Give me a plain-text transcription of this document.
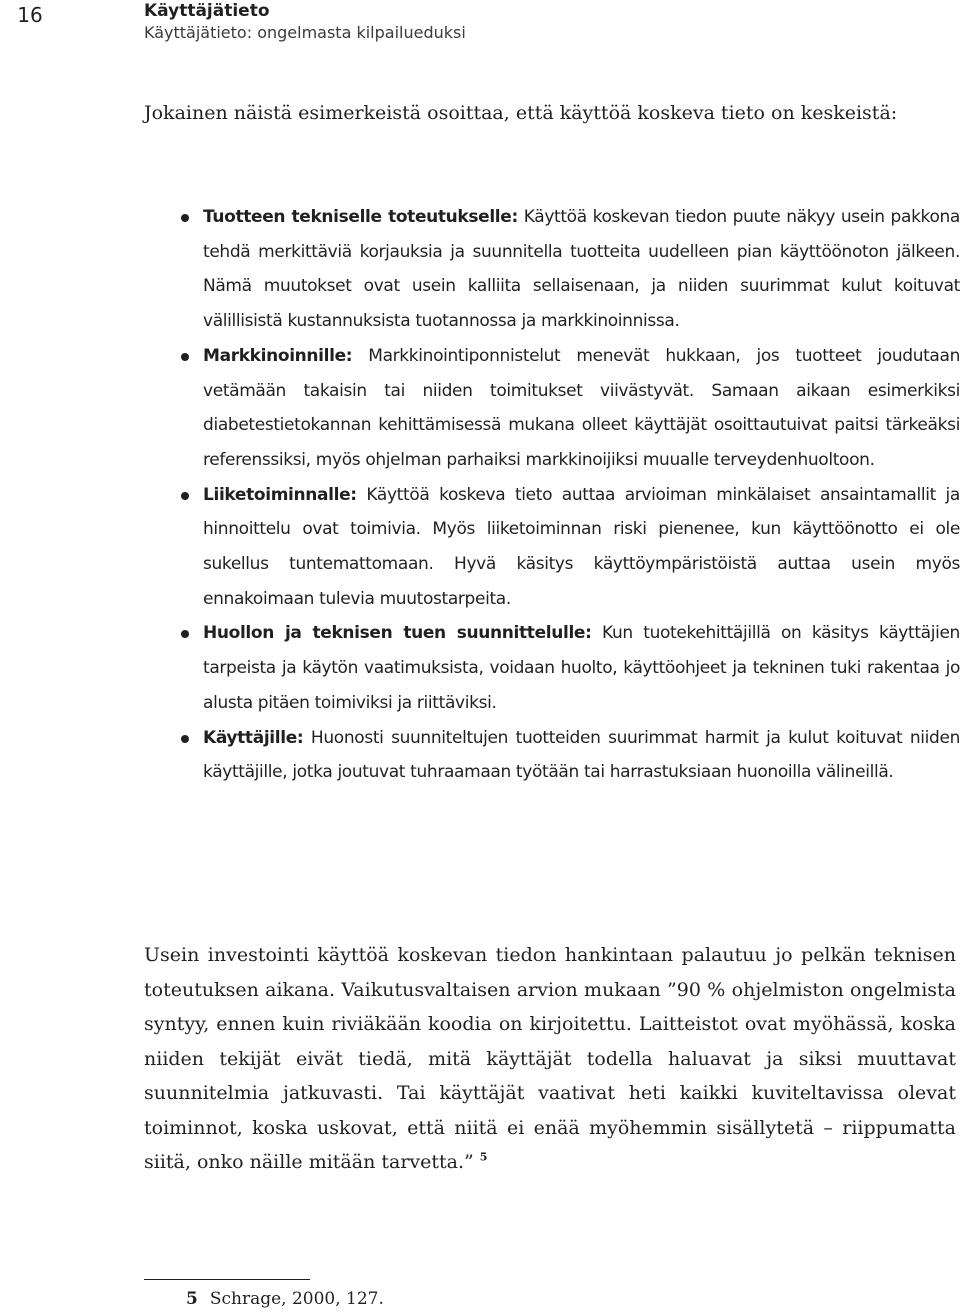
16	Käyttäjätieto
Käyttäjätieto: ongelmasta kilpailueduksi

Jokainen näistä esimerkeistä osoittaa, että käyttöä koskeva tieto on keskeistä:

Tuotteen tekniselle toteutukselle: Käyttöä koskevan tiedon puute näkyy usein pakkona tehdä merkittäviä korjauksia ja suunnitella tuotteita uudelleen pian käyttöönoton jälkeen. Nämä muutokset ovat usein kalliita sellaisenaan, ja niiden suurimmat kulut koituvat välillisistä kustannuksista tuotannossa ja markkinoinnissa.
Markkinoinnille: Markkinointiponnistelut menevät hukkaan, jos tuotteet joudutaan vetämään takaisin tai niiden toimitukset viivästyvät. Samaan aikaan esimerkiksi diabetestietokannan kehittämisessä mukana olleet käyttäjät osoittautuivat paitsi tärkeäksi referenssiksi, myös ohjelman parhaiksi markkinoijiksi muualle terveydenhuoltoon.
Liiketoiminnalle: Käyttöä koskeva tieto auttaa arvioiman minkälaiset ansaintamallit ja hinnoittelu ovat toimivia. Myös liiketoiminnan riski pienenee, kun käyttöönotto ei ole sukellus tuntemattomaan. Hyvä käsitys käyttöympäristöistä auttaa usein myös ennakoimaan tulevia muutostarpeita.
Huollon ja teknisen tuen suunnittelulle: Kun tuotekehittäjillä on käsitys käyttäjien tarpeista ja käytön vaatimuksista, voidaan huolto, käyttöohjeet ja tekninen tuki rakentaa jo alusta pitäen toimiviksi ja riittäviksi.
Käyttäjille: Huonosti suunniteltujen tuotteiden suurimmat harmit ja kulut koituvat niiden käyttäjille, jotka joutuvat tuhraamaan työtään tai harrastuksiaan huonoilla välineillä.

Usein investointi käyttöä koskevan tiedon hankintaan palautuu jo pelkän teknisen toteutuksen aikana. Vaikutusvaltaisen arvion mukaan ”90 % ohjelmiston ongelmista syntyy, ennen kuin riviäkään koodia on kirjoitettu. Laitteistot ovat myöhässä, koska niiden tekijät eivät tiedä, mitä käyttäjät todella haluavat ja siksi muuttavat suunnitelmia jatkuvasti. Tai käyttäjät vaativat heti kaikki kuviteltavissa olevat toiminnot, koska uskovat, että niitä ei enää myöhemmin sisällytetä – riippumatta siitä, onko näille mitään tarvetta.” $^5$

5 Schrage, 2000, 127.
